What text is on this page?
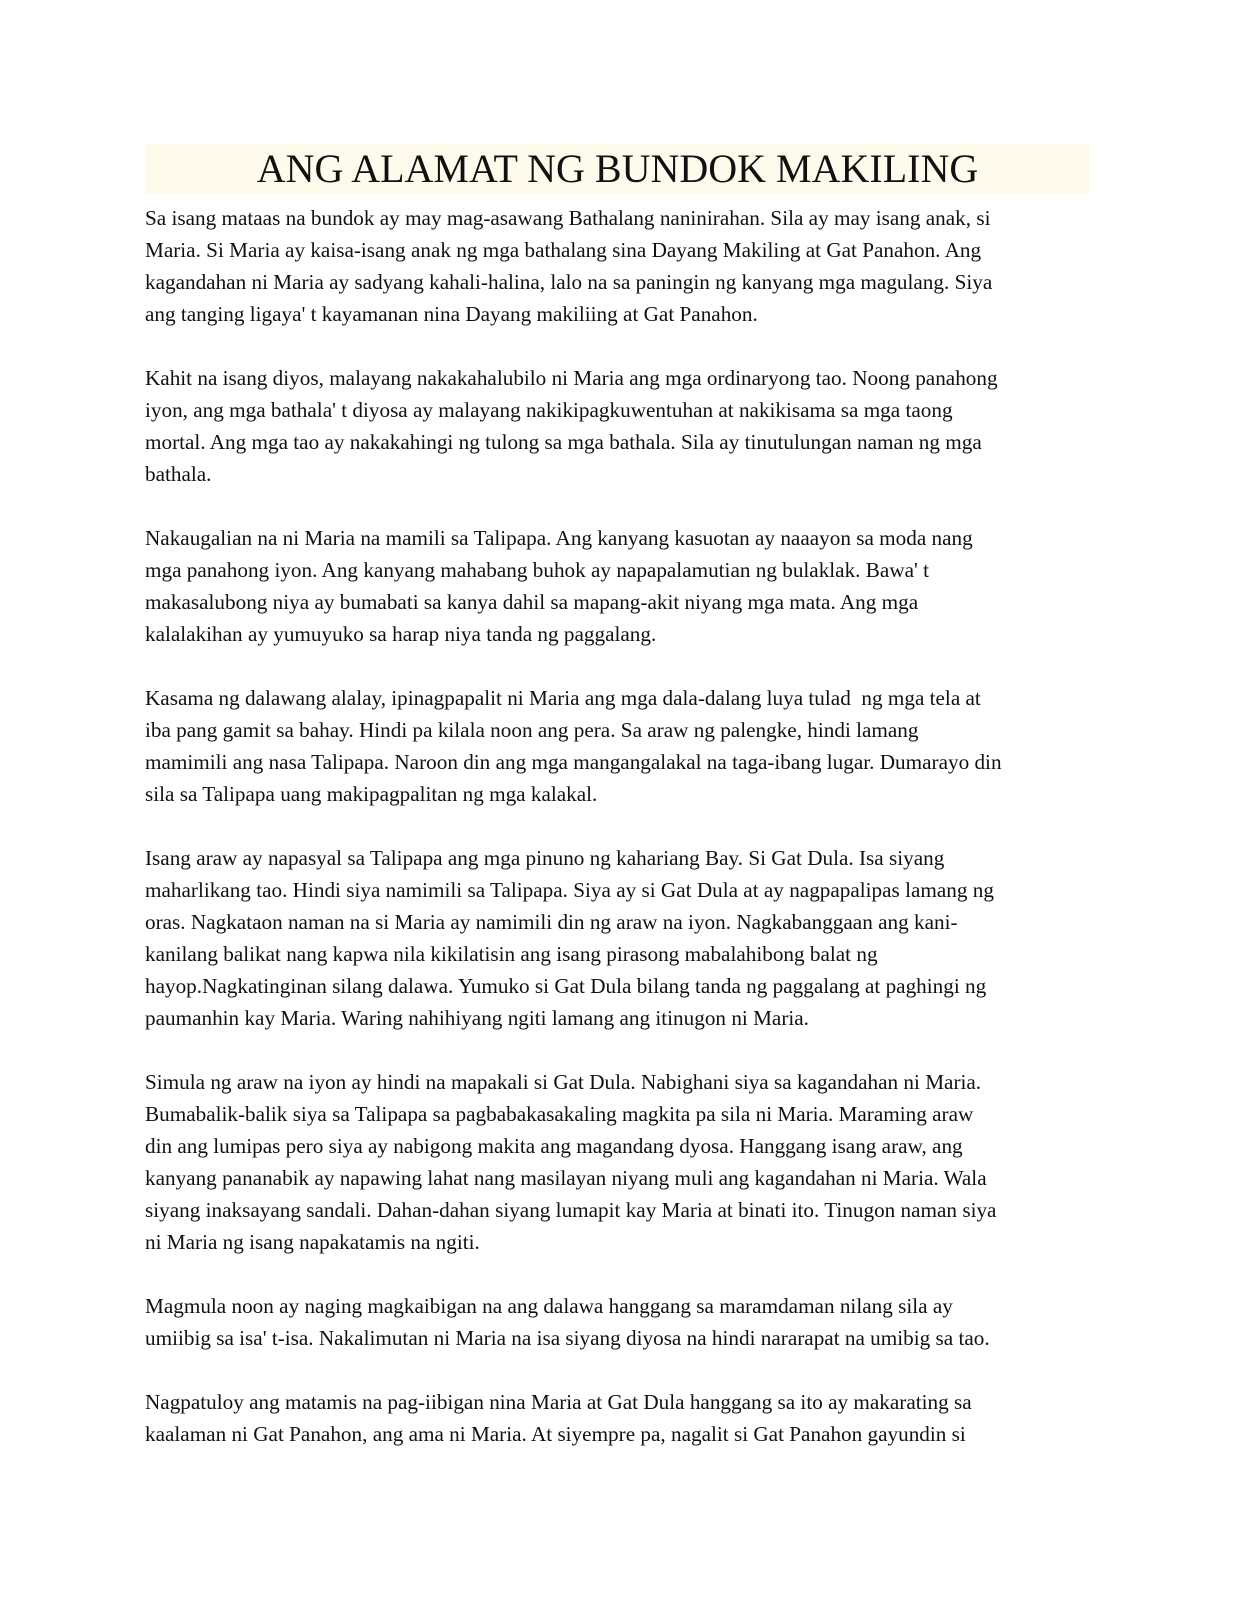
ANG ALAMAT NG BUNDOK MAKILING

Sa isang mataas na bundok ay may mag-asawang Bathalang naninirahan. Sila ay may isang anak, si
Maria. Si Maria ay kaisa-isang anak ng mga bathalang sina Dayang Makiling at Gat Panahon. Ang
kagandahan ni Maria ay sadyang kahali-halina, lalo na sa paningin ng kanyang mga magulang. Siya
ang tanging ligaya' t kayamanan nina Dayang makiliing at Gat Panahon.

Kahit na isang diyos, malayang nakakahalubilo ni Maria ang mga ordinaryong tao. Noong panahong
iyon, ang mga bathala' t diyosa ay malayang nakikipagkuwentuhan at nakikisama sa mga taong
mortal. Ang mga tao ay nakakahingi ng tulong sa mga bathala. Sila ay tinutulungan naman ng mga
bathala.

Nakaugalian na ni Maria na mamili sa Talipapa. Ang kanyang kasuotan ay naaayon sa moda nang
mga panahong iyon. Ang kanyang mahabang buhok ay napapalamutian ng bulaklak. Bawa' t
makasalubong niya ay bumabati sa kanya dahil sa mapang-akit niyang mga mata. Ang mga
kalalakihan ay yumuyuko sa harap niya tanda ng paggalang.

Kasama ng dalawang alalay, ipinagpapalit ni Maria ang mga dala-dalang luya tulad  ng mga tela at
iba pang gamit sa bahay. Hindi pa kilala noon ang pera. Sa araw ng palengke, hindi lamang
mamimili ang nasa Talipapa. Naroon din ang mga mangangalakal na taga-ibang lugar. Dumarayo din
sila sa Talipapa uang makipagpalitan ng mga kalakal.

Isang araw ay napasyal sa Talipapa ang mga pinuno ng kahariang Bay. Si Gat Dula. Isa siyang
maharlikang tao. Hindi siya namimili sa Talipapa. Siya ay si Gat Dula at ay nagpapalipas lamang ng
oras. Nagkataon naman na si Maria ay namimili din ng araw na iyon. Nagkabanggaan ang kani-
kanilang balikat nang kapwa nila kikilatisin ang isang pirasong mabalahibong balat ng
hayop.Nagkatinginan silang dalawa. Yumuko si Gat Dula bilang tanda ng paggalang at paghingi ng
paumanhin kay Maria. Waring nahihiyang ngiti lamang ang itinugon ni Maria.

Simula ng araw na iyon ay hindi na mapakali si Gat Dula. Nabighani siya sa kagandahan ni Maria.
Bumabalik-balik siya sa Talipapa sa pagbabakasakaling magkita pa sila ni Maria. Maraming araw
din ang lumipas pero siya ay nabigong makita ang magandang dyosa. Hanggang isang araw, ang
kanyang pananabik ay napawing lahat nang masilayan niyang muli ang kagandahan ni Maria. Wala
siyang inaksayang sandali. Dahan-dahan siyang lumapit kay Maria at binati ito. Tinugon naman siya
ni Maria ng isang napakatamis na ngiti.

Magmula noon ay naging magkaibigan na ang dalawa hanggang sa maramdaman nilang sila ay
umiibig sa isa' t-isa. Nakalimutan ni Maria na isa siyang diyosa na hindi nararapat na umibig sa tao.

Nagpatuloy ang matamis na pag-iibigan nina Maria at Gat Dula hanggang sa ito ay makarating sa
kaalaman ni Gat Panahon, ang ama ni Maria. At siyempre pa, nagalit si Gat Panahon gayundin si
